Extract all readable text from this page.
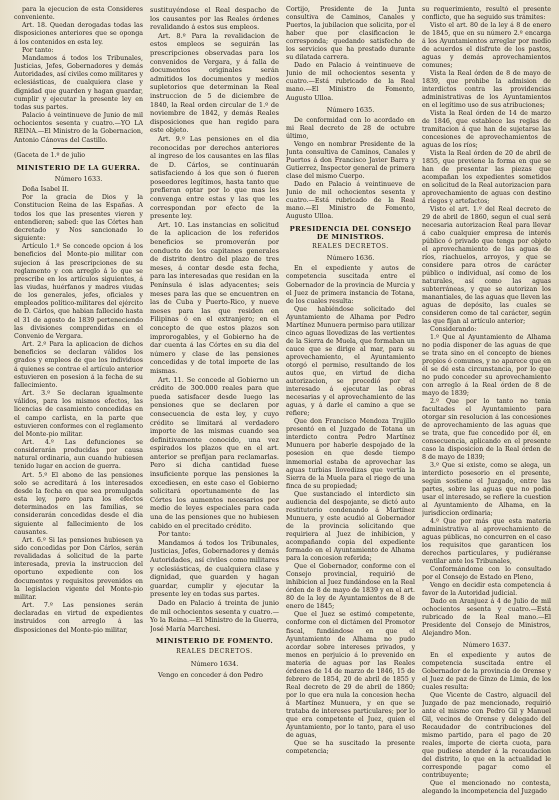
para la ejecucion de esta Consideres conveniente.

Art. 18. Quedan derogadas todas las disposiciones anteriores que se oponga á los contenidos en esta ley.

Por tanto:

Mandamos á todos los Tribunales, Justicias, Jefes, Gobernadores y demás Autoridades, así civiles como militares y eclesiásticas, de cualquiera clase y dignidad que guarden y hagan guardar, cumplir y ejecutar la presente ley en todas sus partes.

Palacio á veintinueve de Junio de mil ochocientos sesenta y cuatro.—YO LA REINA.—El Ministro de la Gobernacion, Antonio Cánovas del Castillo.

(Gaceta de 1.º de julio

MINISTERIO DE LA GUERRA.

Número 1633.

Doña Isabel II.

Por la gracia de Dios y la Constitucion Reina de las Españas. A todos los que las presentes vieren y entendieren; sabed: que las Córtes han decretado y Nos sancionado lo siguiente:

Artículo 1.º Se concede opcion á los beneficios del Monte-pio militar con sujecion á las prescripciones de su reglamento y con arreglo á lo que se prescribe en los artículos siguientes, á las viudas, huérfanos y madres viudas de los generales, jefes, oficiales y empleados político-militares del ejército de D. Cárlos, que habian fallecido hasta el 31 de agosto de 1839 perteneciendo las divisiones comprendidas en el Convenio de Vergara.

Art. 2.º Para la aplicacion de dichos beneficios se declaran válidos los grados y empleos de que los individuos á quienes se contrae el artículo anterior estuvieren en posesion á la fecha de su fallecimiento.

Art. 3.º Se declaran igualmente válidos, para los mismos efectos, las licencias de casamiento concedidas en el campo carlista, en la parte que estuvieren conformes con el reglamento del Monte-pio militar.

Art. 4.º Las defunciones se considerarán producidas por causa natural ordinaria, aun cuando hubiesen tenido lugar en accion de guerra.

Art. 5.º El abono de las pensiones solo se acreditará á los interesados desde la fecha en que sea promulgada esta ley, pero para los efectos determinados en las familias, se considerarán concedidas desde el dia siguiente al fallecimiento de los causantes.

Art. 6.º Si las pensiones hubiesen ya sido concedidas por Don Cárlos, serán revalidadas á solicitud de la parte interesada, previa la instruccion del oportuno expediente con los documentos y requisitos prevenidos en la legislacion vigente del Monte-pio militar.

Art. 7.º Las pensiones serán declaradas en virtud de expedientes instruidos con arreglo á las disposiciones del Monte-pio militar,

sustituyéndose el Real despacho de los causantes por las Reales órdenes revalidando á estos sus empleos.

Art. 8.º Para la revalidacion de estos empleos se seguirán las prescripciones observadas para los convenidos de Vergara, y á falla de documentos originales serán admitidos los documentos y medios supletorios que determinan la Real instruccion de 5 de diciembre de 1840, la Real orden circular de 1.º de noviembre de 1842, y demás Reales disposiciones que han regido para este objeto.

Art. 9.º Las pensiones en el dia reconocidas por derechos anteriores al ingreso de los causantes en las filas de D. Cárlos, se continuarán satisfaciendo á los que son ó fueren poseedores legítimos, hasta tanto que prefieran optar por lo que mas les convenga entre estas y las que les correspondan por efecto de la presente ley.

Art. 10. Las instancias en solicitud de la aplicacion de los referidos beneficios se promoverán por conducto de los capitanes generales de distrito dentro del plazo de tres meses, á contar desde esta fecha, para las interesadas que residan en la Península é islas adyacentes; seis meses para las que se encuentren en las de Cuba y Puerto-Rico, y nueve meses para las que residen en Filipinas ó en el extranjero; en el concepto de que estos plazos son improrogables, y el Gobierno ha de dar cuenta á las Córtes en su dia del número y clase de las pensiones concedidas y de total importe de las mismas.

Art. 11. Se concede al Gobierno un crédito de 300.000 reales para que pueda satisfacer desde luego las pensiones que se declaren por consecuencia de esta ley, y cuyo crédito se limitará al verdadero importe de las mismas cuando sea definitivamente conocido, una vez espirados los plazos que en el art. anterior se prefijan para reclamarlas. Pero si dicha cantidad fuese insuficiente porque las pensiones la excediesen, en este caso el Gobierno solicitará oportunamente de las Córtes los aumentos necesarios por medio de leyes especiales para cada una de las pensiones que no hubiesen cabido en el precitado crédito.

Por tanto:

Mandamos á todos los Tribunales, Justicias, Jefes, Gobernadores y demás Autoridades, así civiles como militares y eclesiásticas, de cualquiera clase y dignidad, que guarden y hagan guardar, cumplir y ejecutar la presente ley en todas sus partes.

Dado en Palacio á treinta de junio de mil ochocientos sesenta y cuatro.—Yo la Reina.—El Ministro de la Guerra, José María Marchesi.

MINISTERIO DE FOMENTO.

REALES DECRETOS.

Número 1634.

Vengo en conceder á don Pedro

Cortijo, Presidente de la Junta consultiva de Caminos, Canales y Puertos, la jubilacion que solicita, por el haber que por clasificacion le corresponda; quedando satisfecho de los servicios que ha prestado durante su dilatada carrera.

Dado en Palacio á veintinueve de Junio de mil ochocientos sesenta y cuatro.—Está rubricado de la Real mano.—El Ministro de Fomento, Augusto Ulloa.

Número 1635.

De conformidad con lo acordado en mi Real decreto de 28 de octubre último,

Vengo en nombrar Presidente de la Junta consultiva de Caminos, Canales y Puertos á don Francisco Javier Barra y Gutierrez, Inspector general de primera clase del mismo Cuerpo.

Dado en Palacio á veintinueve de Junio de mil ochocientos sesenta y cuatro.—Está rubricado de la Real mano.—El Ministro de Fomento, Augusto Ulloa.

PRESIDENCIA DEL CONSEJO DE MINISTROS.

REALES DECRETOS.

Número 1636.

En el expediente y autos de competencia suscitada entre el Gobernador de la provincia de Murcia y el Juez de primera instancia de Totana, de los cuales resulta:

Que habiéndose solicitado del Ayuntamiento de Alhama por Pedro Martínez Munuera permiso para utilizar cinco aguas llovedizas de las vertientes de la Sierra de Muela, que formaban un cauce que se dirige al mar, para su aprovechamiento, el Ayuntamiento otorgó el permiso, resultando de los autos que, en virtud de dicha autorizacion, se procedió por el interesado á ejecutar las obras necesarias y el aprovechamiento de las aguas, y á darle el camino a que se refiere;

Que don Francisco Mendoza Trujillo presentó en el Juzgado de Totana un interdicto contra Pedro Martínez Munuera por haberle despojado de la posesion en que desde tiempo inmemorial estaba de aprovechar las aguas turbias llovedizas que vertía la Sierra de la Muela para el riego de una finca de su propiedad;

Que sustanciado el interdicto sin audiencia del despojante, se dictó auto restitutorio condenando á Martínez Munuera, y este acudió al Gobernador de la provincia solicitando que requiriera al Juez de inhibicion, y acompañando copia del expediente formado en el Ayuntamiento de Alhama para la concesion referida;

Que el Gobernador, conforme con el Consejo provincial, requirió de inhibicion al Juez fundándose en la Real órden de 8 de mayo de 1839 y en el art. 80 de la ley de Ayuntamientos de 8 de enero de 1845;

Que el Juez se estimó competente, conforme con el dictámen del Promotor fiscal, fundándose en que el Ayuntamiento de Alhama no pudo acordar sobre intereses privados, y menos en perjuicio á lo prevenido en materia de aguas por las Reales órdenes de 14 de marzo de 1846, 15 de febrero de 1854, 20 de abril de 1855 y Real decreto de 29 de abril de 1860; por lo que era nula la concesion hecha á Martínez Munuera, y en que se trataba de intereses particulares; por lo que era competente el Juez, quien el Ayuntamiento, por lo tanto, para el uso de aguas,

Que se ha suscitado la presente competencia;

su requerimiento, resultó el presente conflicto, que ha seguido sus trámites:

Visto el art. 80 de la ley á 8 de enero de 1845, que en su número 2.º encarga á los Ayuntamientos arreglar por medio de acuerdos el disfrute de los pastos, aguas y demás aprovechamientos comunes;

Vista la Real órden de 8 de mayo de 1839, que prohibe la admision de interdictos contra las providencias administrativas de los Ayuntamientos en el legítimo uso de sus atribuciones;

Vista la Real órden de 14 de marzo de 1846, que establece las reglas de tramitacion á que han de sujetarse las concesiones de aprovechamientos de aguas de los ríos;

Vista la Real órden de 20 de abril de 1855, que previene la forma en que se han de presentar las piezas que acompañan los expedientes sometidos en solicitud de la Real autorizacion para aprovechamiento de aguas con destino á riegos y artefactos;

Visto el art. 1.º del Real decreto de 29 de abril de 1860, segun el cual será necesaria autorizacion Real para llevar á cabo cualquier empresa de interés público ó privado que tenga por objeto el aprovechamiento de las aguas de ríos, riachuelos, arroyos, y que se considere para otros de carácter público o individual, así como de los naturales, así como las aguas subterráneas, y que se autorizan los manantiales, de las aguas que lleven las aguas de depósito, las cuales se consideren como de tal carácter, según las que fijan al artículo anterior;

Considerando:

1.º Que al Ayuntamiento de Alhama no podia disponer de las aguas de que se trata sino en el concepto de bienes propios ó comunes, y no aparece que en él se dé esta circunstancia, por lo que no pudo conceder su aprovechamiento con arreglo á la Real órden de 8 de mayo de 1839;

2.º Que por lo tanto no tenia facultades el Ayuntamiento para otorgar sin resolucion á las concesiones de aprovechamiento de las aguas que se trata, que fue concedido por él, en consecuencia, aplicando en el presente caso la disposicion de la Real órden de 8 de mayo de 1839;

3.º Que si existe, como se alega, un interdicto posesorio en el presente, según sostiene el Juzgado, entre las partes, sobre las aguas que no podia usar el interesado, se refiere la cuestion al Ayuntamiento de Alhama, en la jurisdiccion ordinaria;

4.º Que por más que esta materia administrativa al aprovechamiento de aguas públicas, no concurren en el caso los requisitos que garanticen los derechos particulares, y pudiéranse ventilar ante los Tribunales,

Conformándome con lo consultado por el Consejo de Estado en Pleno,

Vengo en decidir esta competencia á favor de la Autoridad judicial.

Dado en Aranjuez á 4 de Julio de mil ochocientos sesenta y cuatro.—Está rubricado de la Real mano.—El Presidente del Consejo de Ministros, Alejandro Mon.

Número 1637.

En el expediente y autos de competencia suscitada entre el Gobernador de la provincia de Orense y el Juez de paz de Ginzo de Limia, de los cuales resulta:

Que Vicente de Castro, alguacil del Juzgado de paz mencionado, requirió ante el mismo con Pedro Gil y Manuel Gil, vecinos de Orense y delegado del Recaudador de contribuciones del mismo partido, para el pago de 20 reales, importe de cierta cuota, para que pudiese atender á la recaudacion del distrito, lo que en la actualidad le corresponde pagar como el contribuyente;

Que el mencionado no contesta, alegando la incompetencia del Juzgado
